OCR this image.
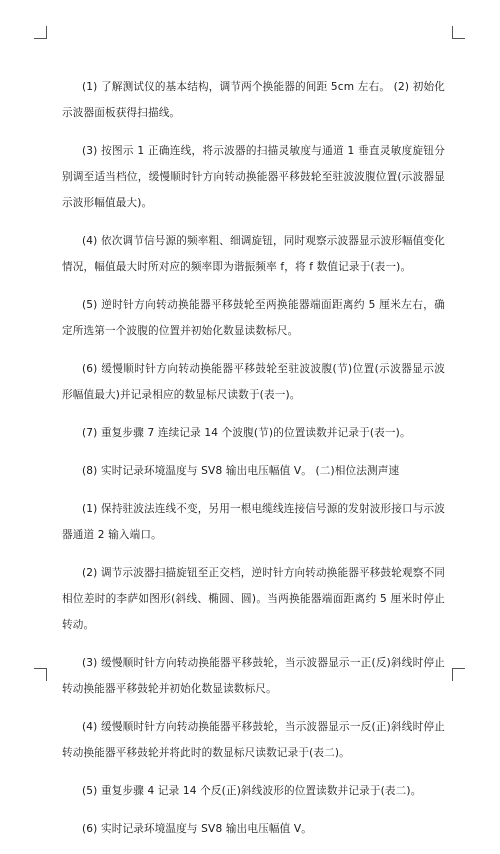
(1) 了解测试仪的基本结构，调节两个换能器的间距 5cm 左右。 (2) 初始化示波器面板获得扫描线。

(3) 按图示 1 正确连线，将示波器的扫描灵敏度与通道 1 垂直灵敏度旋钮分别调至适当档位，缓慢顺时针方向转动换能器平移鼓轮至驻波波腹位置(示波器显示波形幅值最大)。

(4) 依次调节信号源的频率粗、细调旋钮，同时观察示波器显示波形幅值变化情况，幅值最大时所对应的频率即为谐振频率 f，将 f 数值记录于(表一)。

(5) 逆时针方向转动换能器平移鼓轮至两换能器端面距离约 5 厘米左右，确定所选第一个波腹的位置并初始化数显读数标尺。

(6) 缓慢顺时针方向转动换能器平移鼓轮至驻波波腹(节)位置(示波器显示波形幅值最大)并记录相应的数显标尺读数于(表一)。

(7) 重复步骤 7 连续记录 14 个波腹(节)的位置读数并记录于(表一)。

(8) 实时记录环境温度与 SV8 输出电压幅值 V。 (二)相位法测声速

(1) 保持驻波法连线不变，另用一根电缆线连接信号源的发射波形接口与示波器通道 2 输入端口。

(2) 调节示波器扫描旋钮至正交档，逆时针方向转动换能器平移鼓轮观察不同相位差时的李萨如图形(斜线、椭圆、圆)。当两换能器端面距离约 5 厘米时停止转动。

(3) 缓慢顺时针方向转动换能器平移鼓轮，当示波器显示一正(反)斜线时停止转动换能器平移鼓轮并初始化数显读数标尺。

(4) 缓慢顺时针方向转动换能器平移鼓轮，当示波器显示一反(正)斜线时停止转动换能器平移鼓轮并将此时的数显标尺读数记录于(表二)。

(5) 重复步骤 4 记录 14 个反(正)斜线波形的位置读数并记录于(表二)。

(6) 实时记录环境温度与 SV8 输出电压幅值 V。
